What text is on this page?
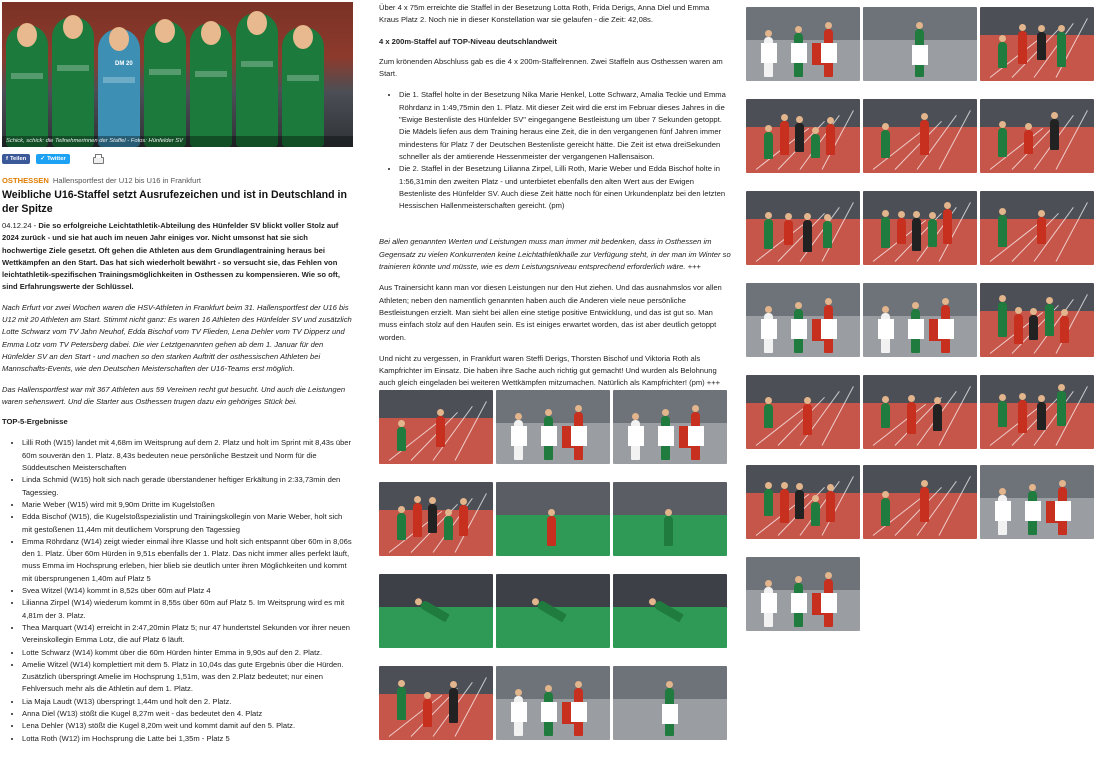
DM 20
Schick, schick: die Teilnehmerinnen der Staffel - Fotos: Hünfelder SV
f Teilen ✓ Twitter
OSTHESSEN Hallensportfest der U12 bis U16 in Frankfurt
Weibliche U16-Staffel setzt Ausrufezeichen und ist in Deutschland in der Spitze

04.12.24 - Die so erfolgreiche Leichtathletik-Abteilung des Hünfelder SV blickt voller Stolz auf 2024 zurück - und sie hat auch im neuen Jahr einiges vor. Nicht umsonst hat sie sich hochwertige Ziele gesetzt. Oft gehen die Athleten aus dem Grundlagentraining heraus bei Wettkämpfen an den Start. Das hat sich wiederholt bewährt - so versucht sie, das Fehlen von leichtathletik-spezifischen Trainingsmöglichkeiten in Osthessen zu kompensieren. Wie so oft, sind Erfahrungswerte der Schlüssel.

Nach Erfurt vor zwei Wochen waren die HSV-Athleten in Frankfurt beim 31. Hallensportfest der U16 bis U12 mit 20 Athleten am Start. Stimmt nicht ganz: Es waren 16 Athleten des Hünfelder SV und zusätzlich Lotte Schwarz vom TV Jahn Neuhof, Edda Bischof vom TV Flieden, Lena Dehler vom TV Dipperz und Emma Lotz vom TV Petersberg dabei. Die vier Letztgenannten gehen ab dem 1. Januar für den Hünfelder SV an den Start - und machen so den starken Auftritt der osthessischen Athleten bei Mannschafts-Events, wie den Deutschen Meisterschaften der U16-Teams erst möglich.

Das Hallensportfest war mit 367 Athleten aus 59 Vereinen recht gut besucht. Und auch die Leistungen waren sehenswert. Und die Starter aus Osthessen trugen dazu ein gehöriges Stück bei.

TOP-5-Ergebnisse
• Lilli Roth (W15) landet mit 4,68m im Weitsprung auf dem 2. Platz und holt im Sprint mit 8,43s über 60m souverän den 1. Platz. 8,43s bedeuten neue persönliche Bestzeit und Norm für die Süddeutschen Meisterschaften
• Linda Schmid (W15) holt sich nach gerade überstandener heftiger Erkältung in 2:33,73min den Tagessieg.
• Marie Weber (W15) wird mit 9,90m Dritte im Kugelstoßen
• Edda Bischof (W15), die Kugelstoßspezialistin und Trainingskollegin von Marie Weber, holt sich mit gestoßenen 11,44m mit deutlichem Vorsprung den Tagessieg
• Emma Röhrdanz (W14) zeigt wieder einmal ihre Klasse und holt sich entspannt über 60m in 8,06s den 1. Platz. Über 60m Hürden in 9,51s ebenfalls der 1. Platz. Das nicht immer alles perfekt läuft, muss Emma im Hochsprung erleben, hier blieb sie deutlich unter ihren Möglichkeiten und kommt mit übersprungenen 1,40m auf Platz 5
• Svea Witzel (W14) kommt in 8,52s über 60m auf Platz 4
• Lilianna Zirpel (W14) wiederum kommt in 8,55s über 60m auf Platz 5. Im Weitsprung wird es mit 4,81m der 3. Platz.
• Thea Marquart (W14) erreicht in 2:47,20min Platz 5; nur 47 hundertstel Sekunden vor ihrer neuen Vereinskollegin Emma Lotz, die auf Platz 6 läuft.
• Lotte Schwarz (W14) kommt über die 60m Hürden hinter Emma in 9,90s auf den 2. Platz.
• Amelie Witzel (W14) komplettiert mit dem 5. Platz in 10,04s das gute Ergebnis über die Hürden. Zusätzlich überspringt Amelie im Hochsprung 1,51m, was den 2.Platz bedeutet; nur einen Fehlversuch mehr als die Athletin auf dem 1. Platz.
• Lia Maja Laudt (W13) überspringt 1,44m und holt den 2. Platz.
• Anna Diel (W13) stößt die Kugel 8,27m weit - das bedeutet den 4. Platz
• Lena Dehler (W13) stößt die Kugel 8,20m weit und kommt damit auf den 5. Platz.
• Lotta Roth (W12) im Hochsprung die Latte bei 1,35m - Platz 5

Über 4 x 75m erreichte die Staffel in der Besetzung Lotta Roth, Frida Derigs, Anna Diel und Emma Kraus Platz 2. Noch nie in dieser Konstellation war sie gelaufen - die Zeit: 42,08s.

4 x 200m-Staffel auf TOP-Niveau deutschlandweit

Zum krönenden Abschluss gab es die 4 x 200m-Staffelrennen. Zwei Staffeln aus Osthessen waren am Start.

• Die 1. Staffel holte in der Besetzung Nika Marie Henkel, Lotte Schwarz, Amalia Teckie und Emma Röhrdanz in 1:49,75min den 1. Platz. Mit dieser Zeit wird die erst im Februar dieses Jahres in die "Ewige Bestenliste des Hünfelder SV" eingegangene Bestleistung um über 7 Sekunden getoppt. Die Mädels liefen aus dem Training heraus eine Zeit, die in den vergangenen fünf Jahren immer mindestens für Platz 7 der Deutschen Bestenliste gereicht hätte. Die Zeit ist etwa dreiSekunden schneller als der amtierende Hessenmeister der vergangenen Hallensaison.
• Die 2. Staffel in der Besetzung Lilianna Zirpel, Lilli Roth, Marie Weber und Edda Bischof holte in 1:56,31min den zweiten Platz - und unterbietet ebenfalls den alten Wert aus der Ewigen Bestenliste des Hünfelder SV. Auch diese Zeit hätte noch für einen Urkundenplatz bei den letzten Hessischen Hallenmeisterschaften gereicht. (pm)

Bei allen genannten Werten und Leistungen muss man immer mit bedenken, dass in Osthessen im Gegensatz zu vielen Konkurrenten keine Leichtathletikhalle zur Verfügung steht, in der man im Winter so trainieren könnte und müsste, wie es dem Leistungsniveau entsprechend erforderlich wäre. +++

Aus Trainersicht kann man vor diesen Leistungen nur den Hut ziehen. Und das ausnahmslos vor allen Athleten; neben den namentlich genannten haben auch die Anderen viele neue persönliche Bestleistungen erzielt. Man sieht bei allen eine stetige positive Entwicklung, und das ist gut so. Man muss einfach stolz auf den Haufen sein. Es ist einiges erwartet worden, das ist aber deutlich getoppt worden.

Und nicht zu vergessen, in Frankfurt waren Steffi Derigs, Thorsten Bischof und Viktoria Roth als Kampfrichter im Einsatz. Die haben ihre Sache auch richtig gut gemacht! Und wurden als Belohnung auch gleich eingeladen bei weiteren Wettkämpfen mitzumachen. Natürlich als Kampfrichter! (pm) +++
